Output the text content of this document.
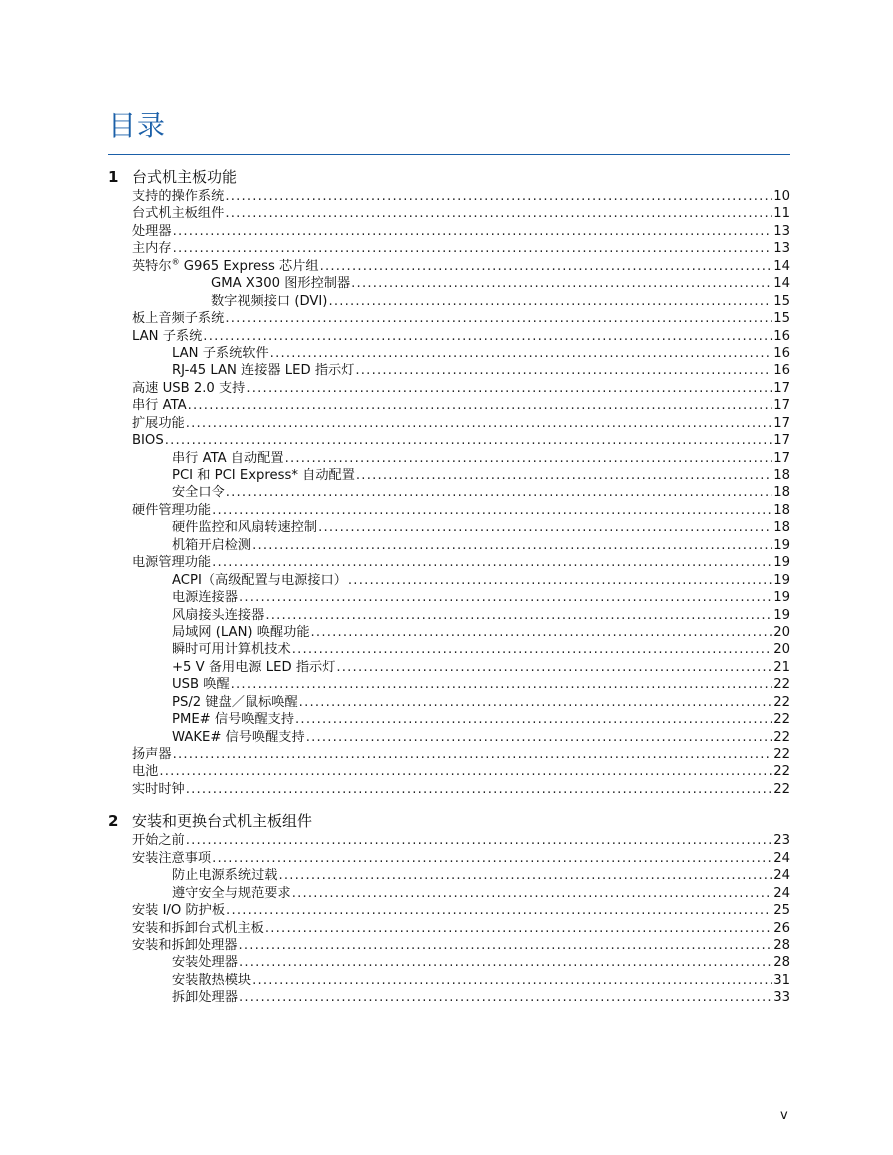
目录
1 台式机主板功能
支持的操作系统 .....	10
台式机主板组件 .....	11
处理器 .....	13
主内存 .....	13
英特尔® G965 Express 芯片组 .....	14
GMA X300 图形控制器 .....	14
数字视频接口 (DVI) .....	15
板上音频子系统 .....	15
LAN 子系统 .....	16
LAN 子系统软件 .....	16
RJ-45 LAN 连接器 LED 指示灯 .....	16
高速 USB 2.0 支持 .....	17
串行 ATA .....	17
扩展功能 .....	17
BIOS .....	17
串行 ATA 自动配置 .....	17
PCI 和 PCI Express* 自动配置 .....	18
安全口令 .....	18
硬件管理功能 .....	18
硬件监控和风扇转速控制 .....	18
机箱开启检测 .....	19
电源管理功能 .....	19
ACPI（高级配置与电源接口） .....	19
电源连接器 .....	19
风扇接头连接器 .....	19
局域网 (LAN) 唤醒功能 .....	20
瞬时可用计算机技术 .....	20
+5 V 备用电源 LED 指示灯 .....	21
USB 唤醒 .....	22
PS/2 键盘／鼠标唤醒 .....	22
PME# 信号唤醒支持 .....	22
WAKE# 信号唤醒支持 .....	22
扬声器 .....	22
电池 .....	22
实时时钟 .....	22
2 安装和更换台式机主板组件
开始之前 .....	23
安装注意事项 .....	24
防止电源系统过载 .....	24
遵守安全与规范要求 .....	24
安装 I/O 防护板 .....	25
安装和拆卸台式机主板 .....	26
安装和拆卸处理器 .....	28
安装处理器 .....	28
安装散热模块 .....	31
拆卸处理器 .....	33
v
